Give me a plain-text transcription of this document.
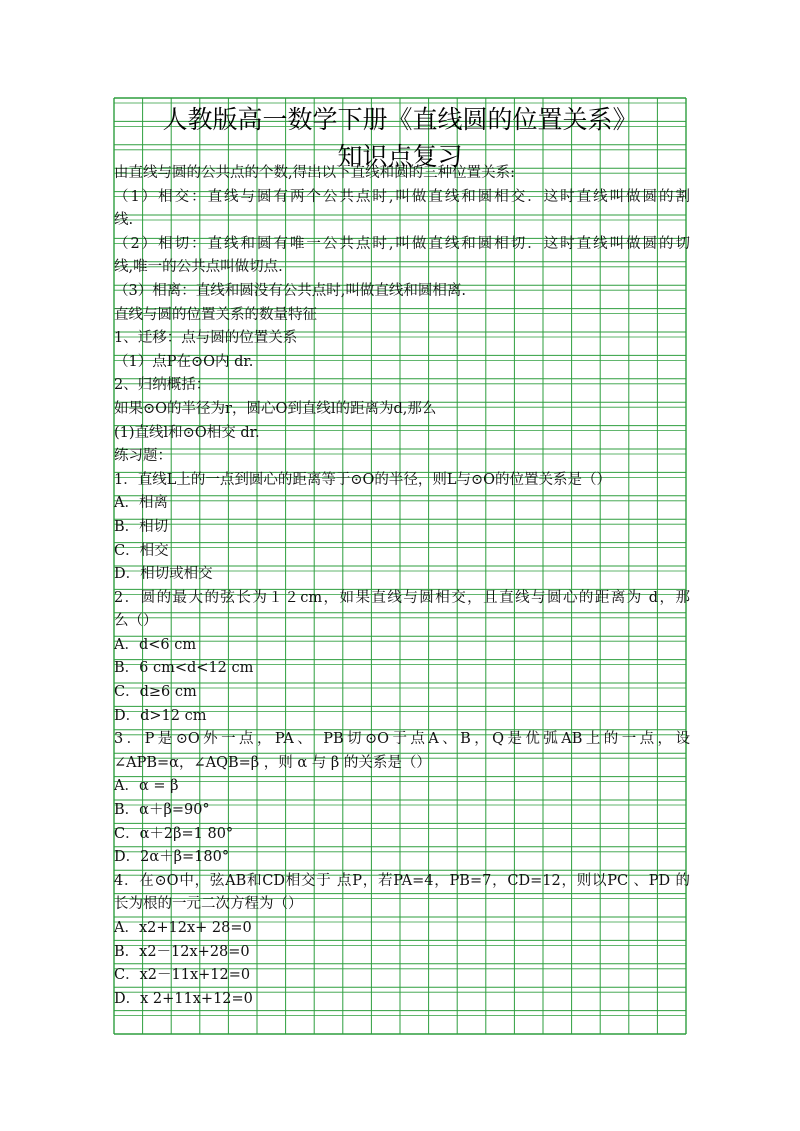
人教版高一数学下册《直线圆的位置关系》
知识点复习
由直线与圆的公共点的个数,得出以下直线和圆的三种位置关系:
（1）相交：直线与圆有两个公共点时,叫做直线和圆相交．这时直线叫做圆的割
线.
（2）相切：直线和圆有唯一公共点时,叫做直线和圆相切．这时直线叫做圆的切
线,唯一的公共点叫做切点.
（3）相离：直线和圆没有公共点时,叫做直线和圆相离.
直线与圆的位置关系的数量特征
1、迁移：点与圆的位置关系
（1）点P在⊙O内 dr.
2、归纳概括：
如果⊙O的半径为r，圆心O到直线l的距离为d,那么
(1)直线l和⊙O相交 dr.
练习题：
1．直线L上的一点到圆心的距离等于⊙O的半径，则L与⊙O的位置关系是（）
A．相离
B．相切
C．相交
D．相切或相交
2．圆的最大的弦长为１２cm，如果直线与圆相交，且直线与圆心的距离为 d，那
么（）
A．d<6 cm
B．6 cm<d<12 cm
C．d≥6 cm
D．d>12 cm
3．P是⊙O外一点，PA、 PB切⊙O于点A、B，Q是优弧AB上的一点，设
∠APB=α，∠AQB=β ，则 α 与 β 的关系是（）
A．α = β
B．α＋β=90°
C．α＋2β=1 80°
D．2α＋β=180°
4．在⊙O中，弦AB和CD相交于 点P，若PA=4，PB=7，CD=12，则以PC 、PD 的
长为根的一元二次方程为（）
A．x2+12x+ 28=0
B．x2－12x+28=0
C．x2－11x+12=0
D．x 2+11x+12=0
